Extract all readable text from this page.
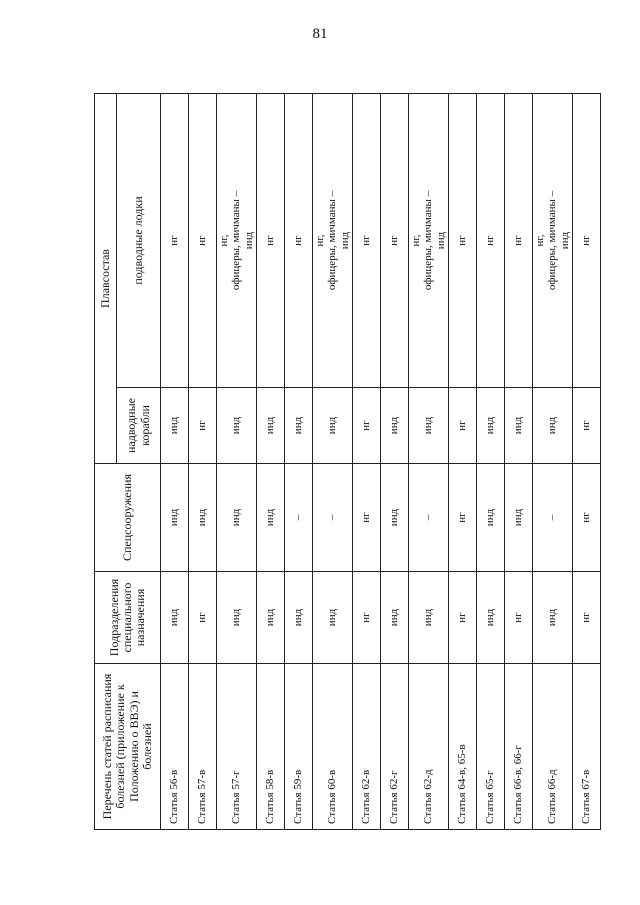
81
Перечень статей расписания болезней (приложение к Положению о ВВЭ) и болезней	Подразделения специального назначения	Спецсооружения	Плавсостав	
			надводные корабли	подводные лодки
Статья 56-в	инд	инд	инд	нг

Статья 57-в	нг	инд	нг	нг

Статья 57-г	инд	инд	инд	нг, офицеры, мичманы – инд

Статья 58-в	инд	инд	инд	нг

Статья 59-в	инд	–	инд	нг

Статья 60-в	инд	–	инд	нг, офицеры, мичманы – инд

Статья 62-в	нг	нг	нг	нг

Статья 62-г	инд	инд	инд	нг

Статья 62-д	инд	–	инд	нг, офицеры, мичманы – инд

Статья 64-в, 65-в	нг	нг	нг	нг

Статья 65-г	инд	инд	инд	нг

Статья 66-в, 66-г	нг	инд	инд	нг

Статья 66-д	инд	–	инд	нг, офицеры, мичманы – инд

Статья 67-в	нг	нг	нг	нг
